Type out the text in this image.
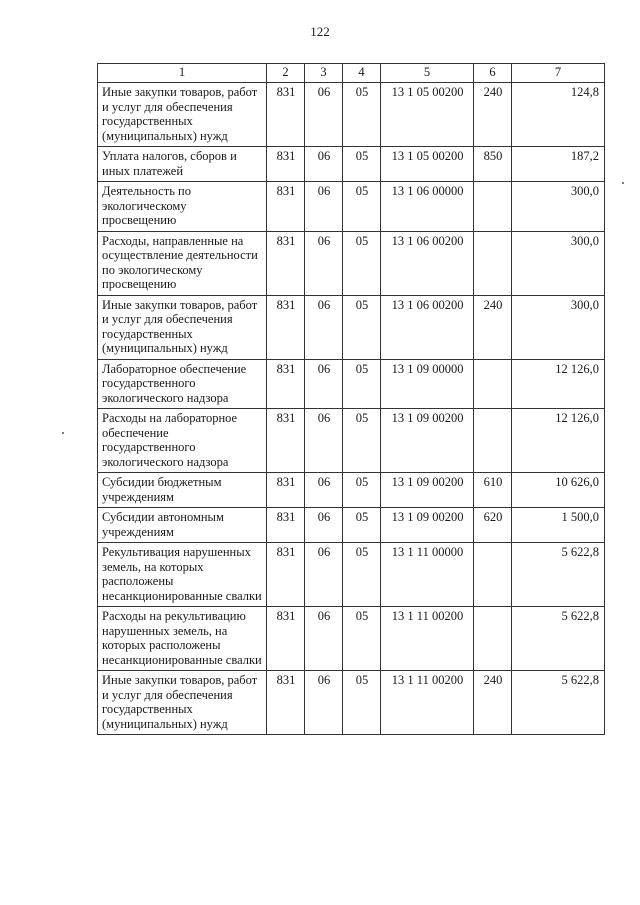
122
1	2	3	4	5	6	7
Иные закупки товаров, работ и услуг для обеспечения государственных (муниципальных) нужд	831	06	05	13 1 05 00200	240	124,8
Уплата налогов, сборов и иных платежей	831	06	05	13 1 05 00200	850	187,2
Деятельность по экологическому просвещению	831	06	05	13 1 06 00000		300,0
Расходы, направленные на осуществление деятельности по экологическому просвещению	831	06	05	13 1 06 00200		300,0
Иные закупки товаров, работ и услуг для обеспечения государственных (муниципальных) нужд	831	06	05	13 1 06 00200	240	300,0
Лабораторное обеспечение государственного экологического надзора	831	06	05	13 1 09 00000		12 126,0
Расходы на лабораторное обеспечение государственного экологического надзора	831	06	05	13 1 09 00200		12 126,0
Субсидии бюджетным учреждениям	831	06	05	13 1 09 00200	610	10 626,0
Субсидии автономным учреждениям	831	06	05	13 1 09 00200	620	1 500,0
Рекультивация нарушенных земель, на которых расположены несанкционированные свалки	831	06	05	13 1 11 00000		5 622,8
Расходы на рекультивацию нарушенных земель, на которых расположены несанкционированные свалки	831	06	05	13 1 11 00200		5 622,8
Иные закупки товаров, работ и услуг для обеспечения государственных (муниципальных) нужд	831	06	05	13 1 11 00200	240	5 622,8
